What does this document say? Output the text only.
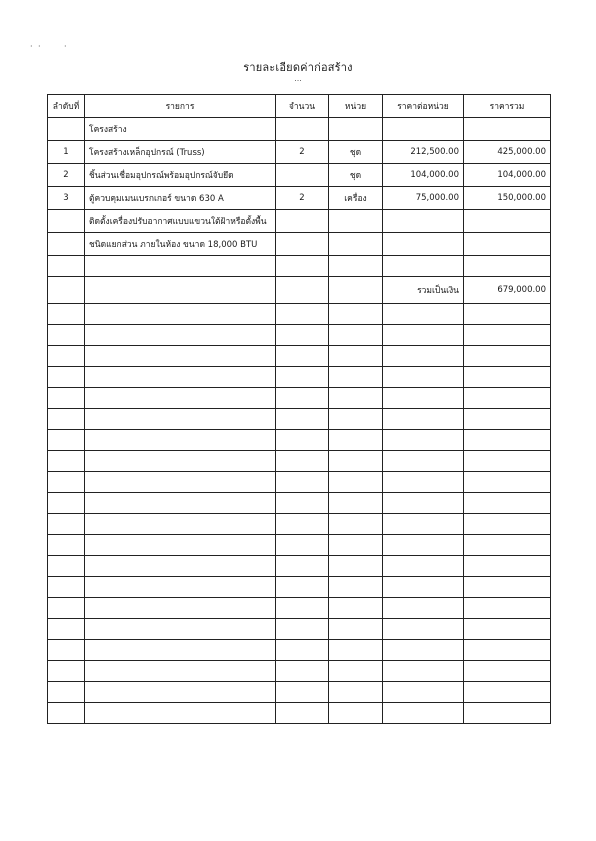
รายละเอียดค่าก่อสร้าง
...
· ·	·
ลำดับที่	รายการ	จำนวน	หน่วย	ราคาต่อหน่วย	ราคารวม
	โครงสร้าง				
1	โครงสร้างเหล็กอุปกรณ์ (Truss)	2	ชุด	212,500.00	425,000.00
2	ชิ้นส่วนเชื่อมอุปกรณ์พร้อมอุปกรณ์จับยึด		ชุด	104,000.00	104,000.00
3	ตู้ควบคุมเมนเบรกเกอร์ ขนาด 630 A	2	เครื่อง	75,000.00	150,000.00
	ติดตั้งเครื่องปรับอากาศแบบแขวนใต้ฝ้าหรือตั้งพื้น				
	ชนิดแยกส่วน ภายในห้อง ขนาด 18,000 BTU				

				รวมเป็นเงิน	679,000.00
